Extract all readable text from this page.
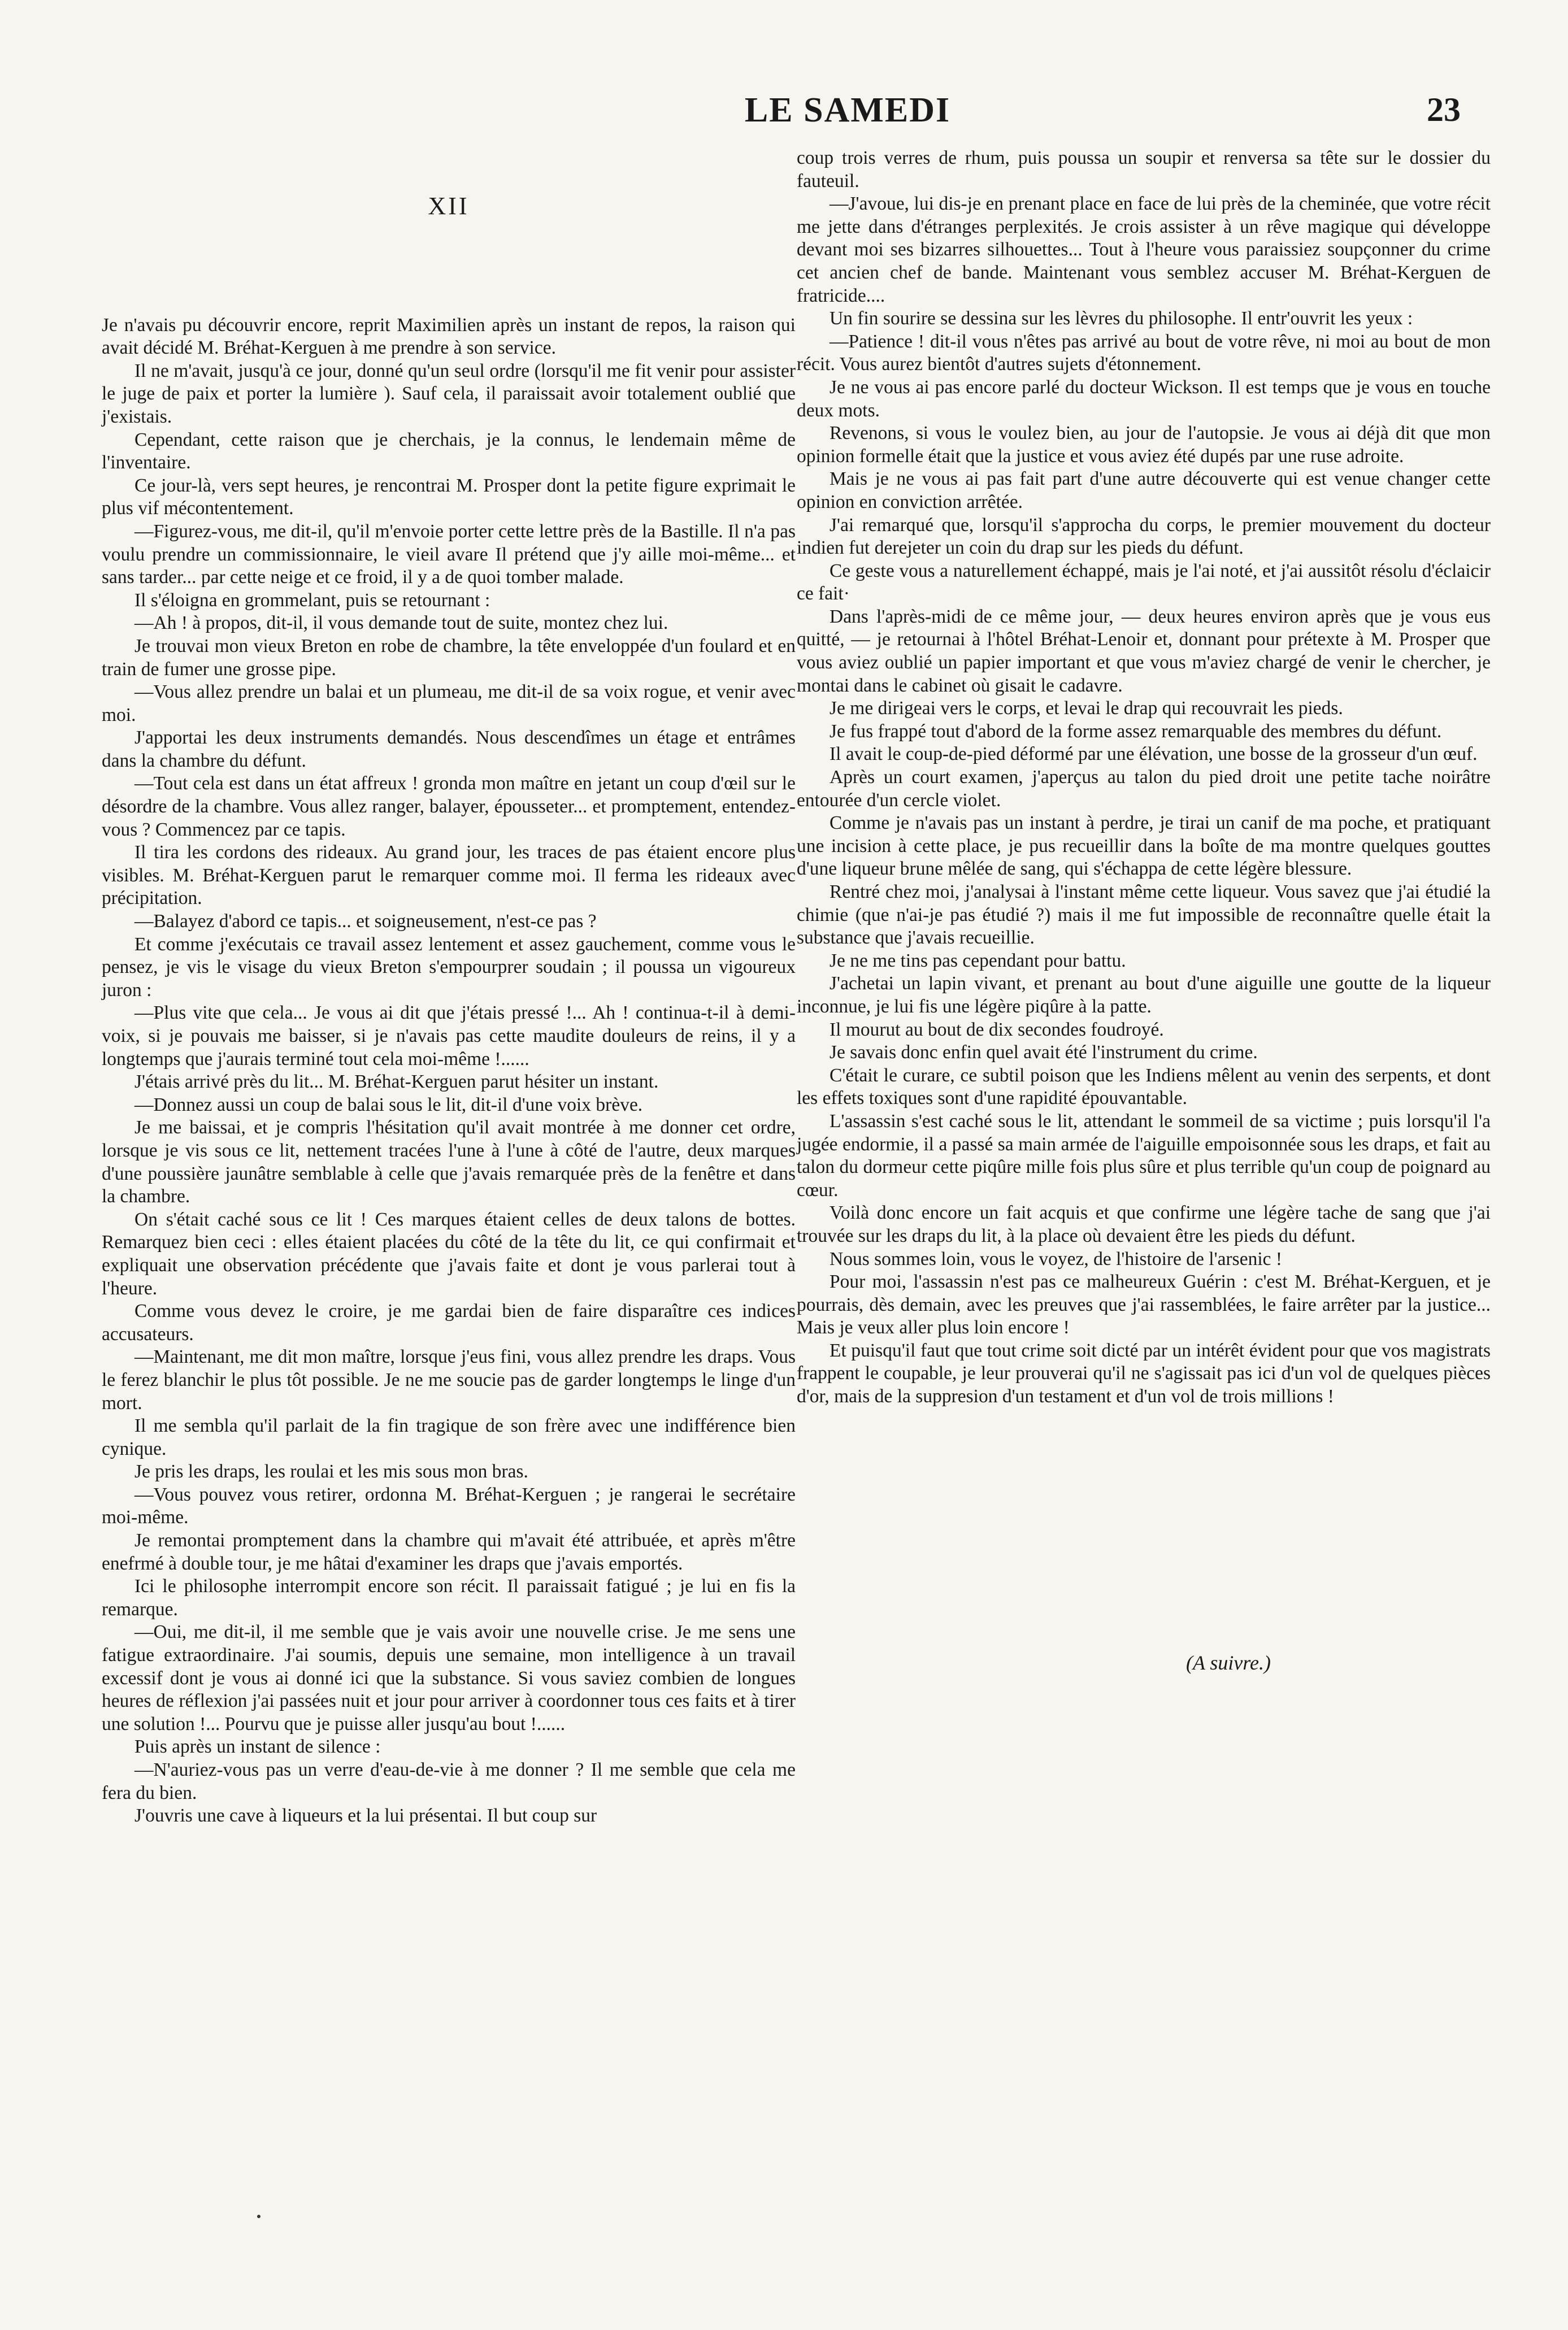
LE SAMEDI	23
XII

Je n'avais pu découvrir encore, reprit Maximilien après un instant de repos, la raison qui avait décidé M. Bréhat-Kerguen à me prendre à son service.

Il ne m'avait, jusqu'à ce jour, donné qu'un seul ordre (lorsqu'il me fit venir pour assister le juge de paix et porter la lumière ). Sauf cela, il paraissait avoir totalement oublié que j'existais.

Cependant, cette raison que je cherchais, je la connus, le lendemain même de l'inventaire.

Ce jour-là, vers sept heures, je rencontrai M. Prosper dont la petite figure exprimait le plus vif mécontentement.

—Figurez-vous, me dit-il, qu'il m'envoie porter cette lettre près de la Bastille. Il n'a pas voulu prendre un commissionnaire, le vieil avare Il prétend que j'y aille moi-même... et sans tarder... par cette neige et ce froid, il y a de quoi tomber malade.

Il s'éloigna en grommelant, puis se retournant :

—Ah ! à propos, dit-il, il vous demande tout de suite, montez chez lui.

Je trouvai mon vieux Breton en robe de chambre, la tête enveloppée d'un foulard et en train de fumer une grosse pipe.

—Vous allez prendre un balai et un plumeau, me dit-il de sa voix rogue, et venir avec moi.

J'apportai les deux instruments demandés. Nous descendîmes un étage et entrâmes dans la chambre du défunt.

—Tout cela est dans un état affreux ! gronda mon maître en jetant un coup d'œil sur le désordre de la chambre. Vous allez ranger, balayer, épousseter... et promptement, entendez-vous ? Commencez par ce tapis.

Il tira les cordons des rideaux. Au grand jour, les traces de pas étaient encore plus visibles. M. Bréhat-Kerguen parut le remarquer comme moi. Il ferma les rideaux avec précipitation.

—Balayez d'abord ce tapis... et soigneusement, n'est-ce pas ?

Et comme j'exécutais ce travail assez lentement et assez gauchement, comme vous le pensez, je vis le visage du vieux Breton s'empourprer soudain ; il poussa un vigoureux juron :

—Plus vite que cela... Je vous ai dit que j'étais pressé !... Ah ! continua-t-il à demi-voix, si je pouvais me baisser, si je n'avais pas cette maudite douleurs de reins, il y a longtemps que j'aurais terminé tout cela moi-même !......

J'étais arrivé près du lit... M. Bréhat-Kerguen parut hésiter un instant.

—Donnez aussi un coup de balai sous le lit, dit-il d'une voix brève.

Je me baissai, et je compris l'hésitation qu'il avait montrée à me donner cet ordre, lorsque je vis sous ce lit, nettement tracées l'une à l'une à côté de l'autre, deux marques d'une poussière jaunâtre semblable à celle que j'avais remarquée près de la fenêtre et dans la chambre.

On s'était caché sous ce lit ! Ces marques étaient celles de deux talons de bottes. Remarquez bien ceci : elles étaient placées du côté de la tête du lit, ce qui confirmait et expliquait une observation précédente que j'avais faite et dont je vous parlerai tout à l'heure.

Comme vous devez le croire, je me gardai bien de faire disparaître ces indices accusateurs.

—Maintenant, me dit mon maître, lorsque j'eus fini, vous allez prendre les draps. Vous le ferez blanchir le plus tôt possible. Je ne me soucie pas de garder longtemps le linge d'un mort.

Il me sembla qu'il parlait de la fin tragique de son frère avec une indifférence bien cynique.

Je pris les draps, les roulai et les mis sous mon bras.

—Vous pouvez vous retirer, ordonna M. Bréhat-Kerguen ; je rangerai le secrétaire moi-même.

Je remontai promptement dans la chambre qui m'avait été attribuée, et après m'être enefrmé à double tour, je me hâtai d'examiner les draps que j'avais emportés.

Ici le philosophe interrompit encore son récit. Il paraissait fatigué ; je lui en fis la remarque.

—Oui, me dit-il, il me semble que je vais avoir une nouvelle crise. Je me sens une fatigue extraordinaire. J'ai soumis, depuis une semaine, mon intelligence à un travail excessif dont je vous ai donné ici que la substance. Si vous saviez combien de longues heures de réflexion j'ai passées nuit et jour pour arriver à coordonner tous ces faits et à tirer une solution !... Pourvu que je puisse aller jusqu'au bout !......

Puis après un instant de silence :

—N'auriez-vous pas un verre d'eau-de-vie à me donner ? Il me semble que cela me fera du bien.

J'ouvris une cave à liqueurs et la lui présentai. Il but coup sur

coup trois verres de rhum, puis poussa un soupir et renversa sa tête sur le dossier du fauteuil.

—J'avoue, lui dis-je en prenant place en face de lui près de la cheminée, que votre récit me jette dans d'étranges perplexités. Je crois assister à un rêve magique qui développe devant moi ses bizarres silhouettes... Tout à l'heure vous paraissiez soupçonner du crime cet ancien chef de bande. Maintenant vous semblez accuser M. Bréhat-Kerguen de fratricide....

Un fin sourire se dessina sur les lèvres du philosophe. Il entr'ouvrit les yeux :

—Patience ! dit-il vous n'êtes pas arrivé au bout de votre rêve, ni moi au bout de mon récit. Vous aurez bientôt d'autres sujets d'étonnement.

Je ne vous ai pas encore parlé du docteur Wickson. Il est temps que je vous en touche deux mots.

Revenons, si vous le voulez bien, au jour de l'autopsie. Je vous ai déjà dit que mon opinion formelle était que la justice et vous aviez été dupés par une ruse adroite.

Mais je ne vous ai pas fait part d'une autre découverte qui est venue changer cette opinion en conviction arrêtée.

J'ai remarqué que, lorsqu'il s'approcha du corps, le premier mouvement du docteur indien fut derejeter un coin du drap sur les pieds du défunt.

Ce geste vous a naturellement échappé, mais je l'ai noté, et j'ai aussitôt résolu d'éclaicir ce fait·

Dans l'après-midi de ce même jour, — deux heures environ après que je vous eus quitté, — je retournai à l'hôtel Bréhat-Lenoir et, donnant pour prétexte à M. Prosper que vous aviez oublié un papier important et que vous m'aviez chargé de venir le chercher, je montai dans le cabinet où gisait le cadavre.

Je me dirigeai vers le corps, et levai le drap qui recouvrait les pieds.

Je fus frappé tout d'abord de la forme assez remarquable des membres du défunt.

Il avait le coup-de-pied déformé par une élévation, une bosse de la grosseur d'un œuf.

Après un court examen, j'aperçus au talon du pied droit une petite tache noirâtre entourée d'un cercle violet.

Comme je n'avais pas un instant à perdre, je tirai un canif de ma poche, et pratiquant une incision à cette place, je pus recueillir dans la boîte de ma montre quelques gouttes d'une liqueur brune mêlée de sang, qui s'échappa de cette légère blessure.

Rentré chez moi, j'analysai à l'instant même cette liqueur. Vous savez que j'ai étudié la chimie (que n'ai-je pas étudié ?) mais il me fut impossible de reconnaître quelle était la substance que j'avais recueillie.

Je ne me tins pas cependant pour battu.

J'achetai un lapin vivant, et prenant au bout d'une aiguille une goutte de la liqueur inconnue, je lui fis une légère piqûre à la patte.

Il mourut au bout de dix secondes foudroyé.

Je savais donc enfin quel avait été l'instrument du crime.

C'était le curare, ce subtil poison que les Indiens mêlent au venin des serpents, et dont les effets toxiques sont d'une rapidité épouvantable.

L'assassin s'est caché sous le lit, attendant le sommeil de sa victime ; puis lorsqu'il l'a jugée endormie, il a passé sa main armée de l'aiguille empoisonnée sous les draps, et fait au talon du dormeur cette piqûre mille fois plus sûre et plus terrible qu'un coup de poignard au cœur.

Voilà donc encore un fait acquis et que confirme une légère tache de sang que j'ai trouvée sur les draps du lit, à la place où devaient être les pieds du défunt.

Nous sommes loin, vous le voyez, de l'histoire de l'arsenic !

Pour moi, l'assassin n'est pas ce malheureux Guérin : c'est M. Bréhat-Kerguen, et je pourrais, dès demain, avec les preuves que j'ai rassemblées, le faire arrêter par la justice... Mais je veux aller plus loin encore !

Et puisqu'il faut que tout crime soit dicté par un intérêt évident pour que vos magistrats frappent le coupable, je leur prouverai qu'il ne s'agissait pas ici d'un vol de quelques pièces d'or, mais de la suppresion d'un testament et d'un vol de trois millions !

(A suivre.)
